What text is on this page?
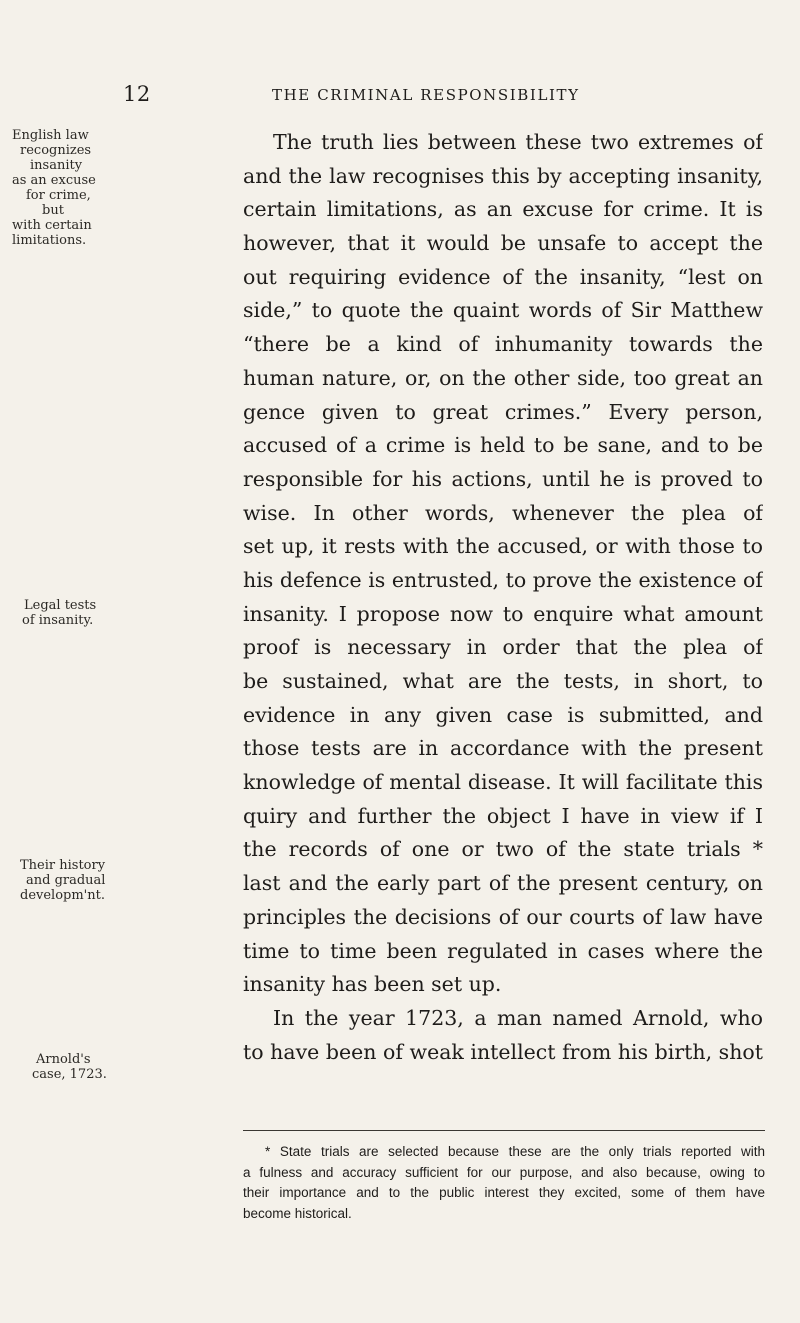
12	THE CRIMINAL RESPONSIBILITY
English law
recognizes
insanity
as an excuse
for crime,
but
with certain
limitations.
Legal tests
of insanity.
Their history
and gradual
developm'nt.
Arnold's
case, 1723.
The truth lies between these two extremes of
and the law recognises this by accepting insanity,
certain limitations, as an excuse for crime. It is
however, that it would be unsafe to accept the
out requiring evidence of the insanity, “lest on
side,” to quote the quaint words of Sir Matthew
“there be a kind of inhumanity towards the
human nature, or, on the other side, too great an
gence given to great crimes.” Every person,
accused of a crime is held to be sane, and to be
responsible for his actions, until he is proved to
wise. In other words, whenever the plea of
set up, it rests with the accused, or with those to
his defence is entrusted, to prove the existence of
insanity. I propose now to enquire what amount
proof is necessary in order that the plea of
be sustained, what are the tests, in short, to
evidence in any given case is submitted, and
those tests are in accordance with the present
knowledge of mental disease. It will facilitate this
quiry and further the object I have in view if I
the records of one or two of the state trials *
last and the early part of the present century, on
principles the decisions of our courts of law have
time to time been regulated in cases where the
insanity has been set up.
In the year 1723, a man named Arnold, who
to have been of weak intellect from his birth, shot
* State trials are selected because these are the only trials reported with
a fulness and accuracy sufficient for our purpose, and also because, owing to
their importance and to the public interest they excited, some of them have
become historical.
